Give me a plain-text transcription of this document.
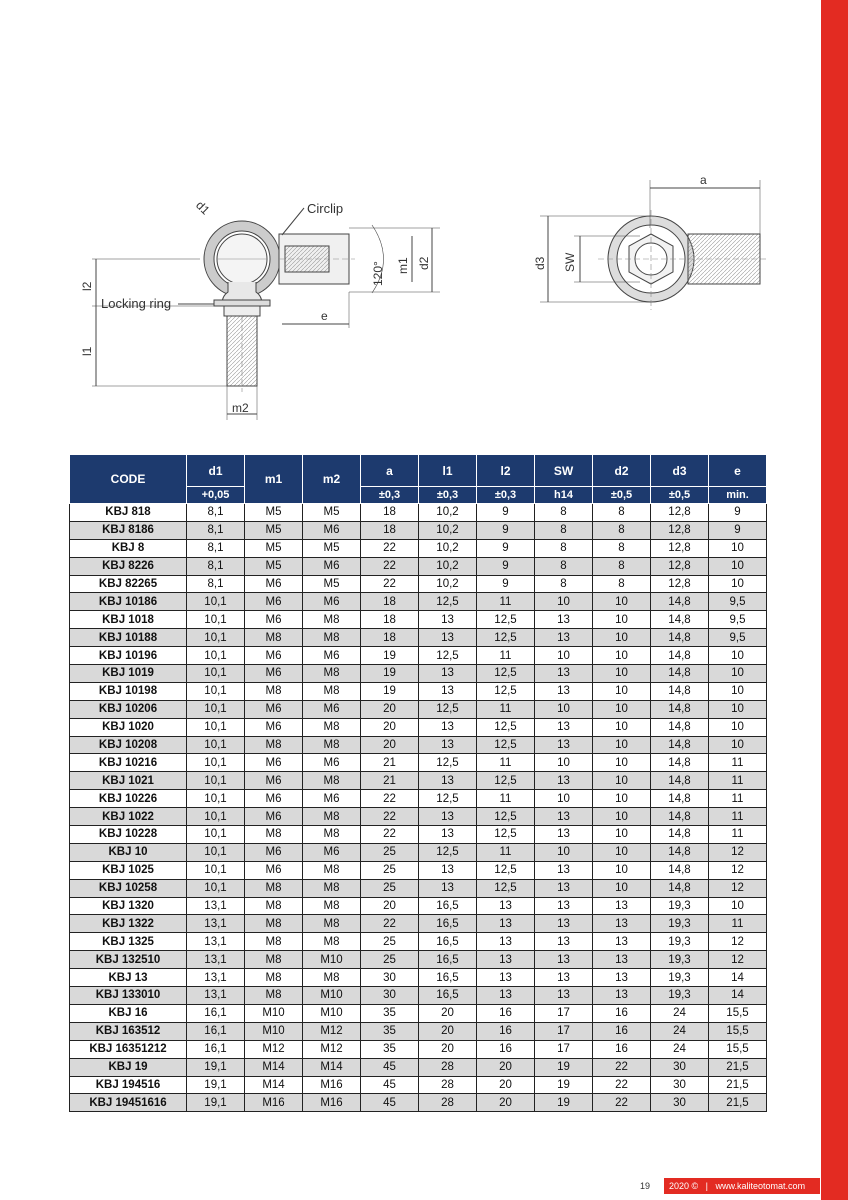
d1	Circlip
120° m1 d2
l2
Locking ring
e
l1
m2
a
d3 SW
CODE	d1	m1	m2	a	l1	l2	SW	d2	d3	e
	+0,05			±0,3	±0,3	±0,3	h14	±0,5	±0,5	min.
KBJ 818	8,1	M5	M5	18	10,2	9	8	8	12,8	9
KBJ 8186	8,1	M5	M6	18	10,2	9	8	8	12,8	9
KBJ 8	8,1	M5	M5	22	10,2	9	8	8	12,8	10
KBJ 8226	8,1	M5	M6	22	10,2	9	8	8	12,8	10
KBJ 82265	8,1	M6	M5	22	10,2	9	8	8	12,8	10
KBJ 10186	10,1	M6	M6	18	12,5	11	10	10	14,8	9,5
KBJ 1018	10,1	M6	M8	18	13	12,5	13	10	14,8	9,5
KBJ 10188	10,1	M8	M8	18	13	12,5	13	10	14,8	9,5
KBJ 10196	10,1	M6	M6	19	12,5	11	10	10	14,8	10
KBJ 1019	10,1	M6	M8	19	13	12,5	13	10	14,8	10
KBJ 10198	10,1	M8	M8	19	13	12,5	13	10	14,8	10
KBJ 10206	10,1	M6	M6	20	12,5	11	10	10	14,8	10
KBJ 1020	10,1	M6	M8	20	13	12,5	13	10	14,8	10
KBJ 10208	10,1	M8	M8	20	13	12,5	13	10	14,8	10
KBJ 10216	10,1	M6	M6	21	12,5	11	10	10	14,8	11
KBJ 1021	10,1	M6	M8	21	13	12,5	13	10	14,8	11
KBJ 10226	10,1	M6	M6	22	12,5	11	10	10	14,8	11
KBJ 1022	10,1	M6	M8	22	13	12,5	13	10	14,8	11
KBJ 10228	10,1	M8	M8	22	13	12,5	13	10	14,8	11
KBJ 10	10,1	M6	M6	25	12,5	11	10	10	14,8	12
KBJ 1025	10,1	M6	M8	25	13	12,5	13	10	14,8	12
KBJ 10258	10,1	M8	M8	25	13	12,5	13	10	14,8	12
KBJ 1320	13,1	M8	M8	20	16,5	13	13	13	19,3	10
KBJ 1322	13,1	M8	M8	22	16,5	13	13	13	19,3	11
KBJ 1325	13,1	M8	M8	25	16,5	13	13	13	19,3	12
KBJ 132510	13,1	M8	M10	25	16,5	13	13	13	19,3	12
KBJ 13	13,1	M8	M8	30	16,5	13	13	13	19,3	14
KBJ 133010	13,1	M8	M10	30	16,5	13	13	13	19,3	14
KBJ 16	16,1	M10	M10	35	20	16	17	16	24	15,5
KBJ 163512	16,1	M10	M12	35	20	16	17	16	24	15,5
KBJ 16351212	16,1	M12	M12	35	20	16	17	16	24	15,5
KBJ 19	19,1	M14	M14	45	28	20	19	22	30	21,5
KBJ 194516	19,1	M14	M16	45	28	20	19	22	30	21,5
KBJ 19451616	19,1	M16	M16	45	28	20	19	22	30	21,5
19	2020 © | www.kaliteotomat.com
